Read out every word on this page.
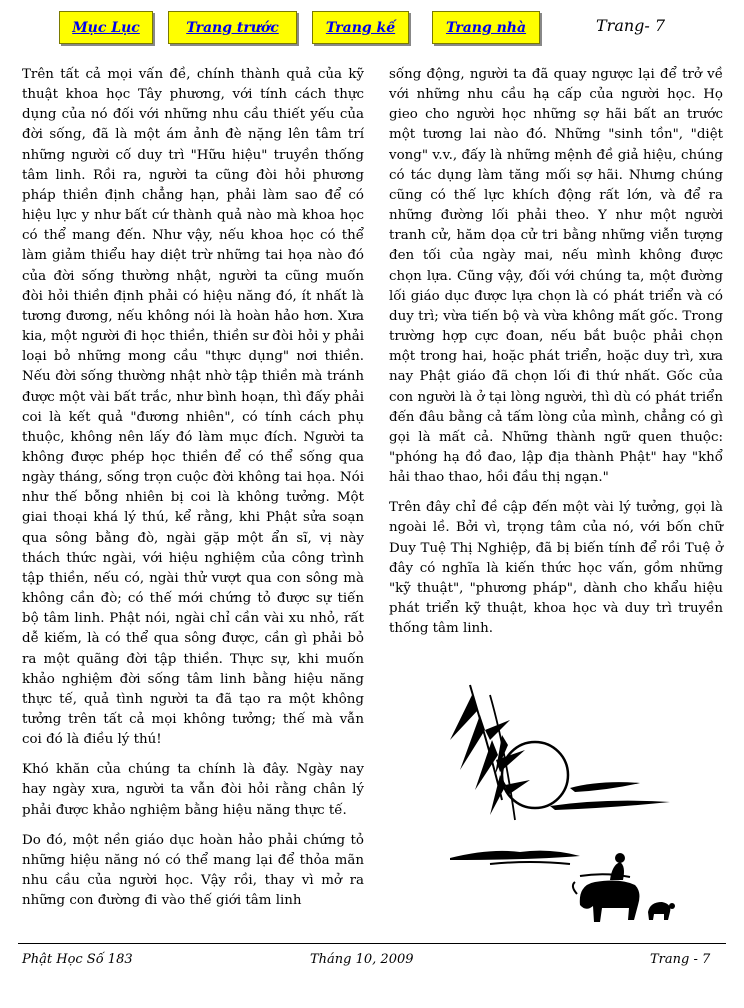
Mục Lục	Trang trước	Trang kế	Trang nhà	Trang- 7

Trên tất cả mọi vấn đề, chính thành quả của kỹ thuật khoa học Tây phương, với tính cách thực dụng của nó đối với những nhu cầu thiết yếu của đời sống, đã là một ám ảnh đè nặng lên tâm trí những người cố duy trì "Hữu hiệu" truyền thống tâm linh. Rồi ra, người ta cũng đòi hỏi phương pháp thiền định chẳng hạn, phải làm sao để có hiệu lực y như bất cứ thành quả nào mà khoa học có thể mang đến. Như vậy, nếu khoa học có thể làm giảm thiểu hay diệt trừ những tai họa nào đó của đời sống thường nhật, người ta cũng muốn đòi hỏi thiền định phải có hiệu năng đó, ít nhất là tương đương, nếu không nói là hoàn hảo hơn. Xưa kia, một người đi học thiền, thiền sư đòi hỏi y phải loại bỏ những mong cầu "thực dụng" nơi thiền. Nếu đời sống thường nhật nhờ tập thiền mà tránh được một vài bất trắc, như bình hoạn, thì đấy phải coi là kết quả "đương nhiên", có tính cách phụ thuộc, không nên lấy đó làm mục đích. Người ta không được phép học thiền để có thể sống qua ngày tháng, sống trọn cuộc đời không tai họa. Nói như thế bỗng nhiên bị coi là không tưởng. Một giai thoại khá lý thú, kể rằng, khi Phật sửa soạn qua sông bằng đò, ngài gặp một ẩn sĩ, vị này thách thức ngài, với hiệu nghiệm của công trình tập thiền, nếu có, ngài thử vượt qua con sông mà không cần đò; có thế mới chứng tỏ được sự tiến bộ tâm linh. Phật nói, ngài chỉ cần vài xu nhỏ, rất dễ kiếm, là có thể qua sông được, cần gì phải bỏ ra một quãng đời tập thiền. Thực sự, khi muốn khảo nghiệm đời sống tâm linh bằng hiệu năng thực tế, quả tình người ta đã tạo ra một không tưởng trên tất cả mọi không tưởng; thế mà vẫn coi đó là điều lý thú!

Khó khăn của chúng ta chính là đây. Ngày nay hay ngày xưa, người ta vẫn đòi hỏi rằng chân lý phải được khảo nghiệm bằng hiệu năng thực tế.

Do đó, một nền giáo dục hoàn hảo phải chứng tỏ những hiệu năng nó có thể mang lại để thỏa mãn nhu cầu của người học. Vậy rồi, thay vì mở ra những con đường đi vào thế giới tâm linh

sống động, người ta đã quay ngược lại để trở về với những nhu cầu hạ cấp của người học. Họ gieo cho người học những sợ hãi bất an trước một tương lai nào đó. Những "sinh tồn", "diệt vong" v.v., đấy là những mệnh đề giả hiệu, chúng có tác dụng làm tăng mối sợ hãi. Nhưng chúng cũng có thế lực khích động rất lớn, và để ra những đường lối phải theo. Y như một người tranh cử, hăm dọa cử tri bằng những viễn tượng đen tối của ngày mai, nếu mình không được chọn lựa. Cũng vậy, đối với chúng ta, một đường lối giáo dục được lựa chọn là có phát triển và có duy trì; vừa tiến bộ và vừa không mất gốc. Trong trường hợp cực đoan, nếu bắt buộc phải chọn một trong hai, hoặc phát triển, hoặc duy trì, xưa nay Phật giáo đã chọn lối đi thứ nhất. Gốc của con người là ở tại lòng người, thì dù có phát triển đến đâu bằng cả tấm lòng của mình, chẳng có gì gọi là mất cả. Những thành ngữ quen thuộc: "phóng hạ đồ đao, lập địa thành Phật" hay "khổ hải thao thao, hồi đầu thị ngạn."

Trên đây chỉ đề cập đến một vài lý tưởng, gọi là ngoài lề. Bởi vì, trọng tâm của nó, với bốn chữ Duy Tuệ Thị Nghiệp, đã bị biến tính để rồi Tuệ ở đây có nghĩa là kiến thức học vấn, gồm những "kỹ thuật", "phương pháp", dành cho khẩu hiệu phát triển kỹ thuật, khoa học và duy trì truyền thống tâm linh.

Phật Học Số 183	Tháng 10, 2009	Trang - 7
